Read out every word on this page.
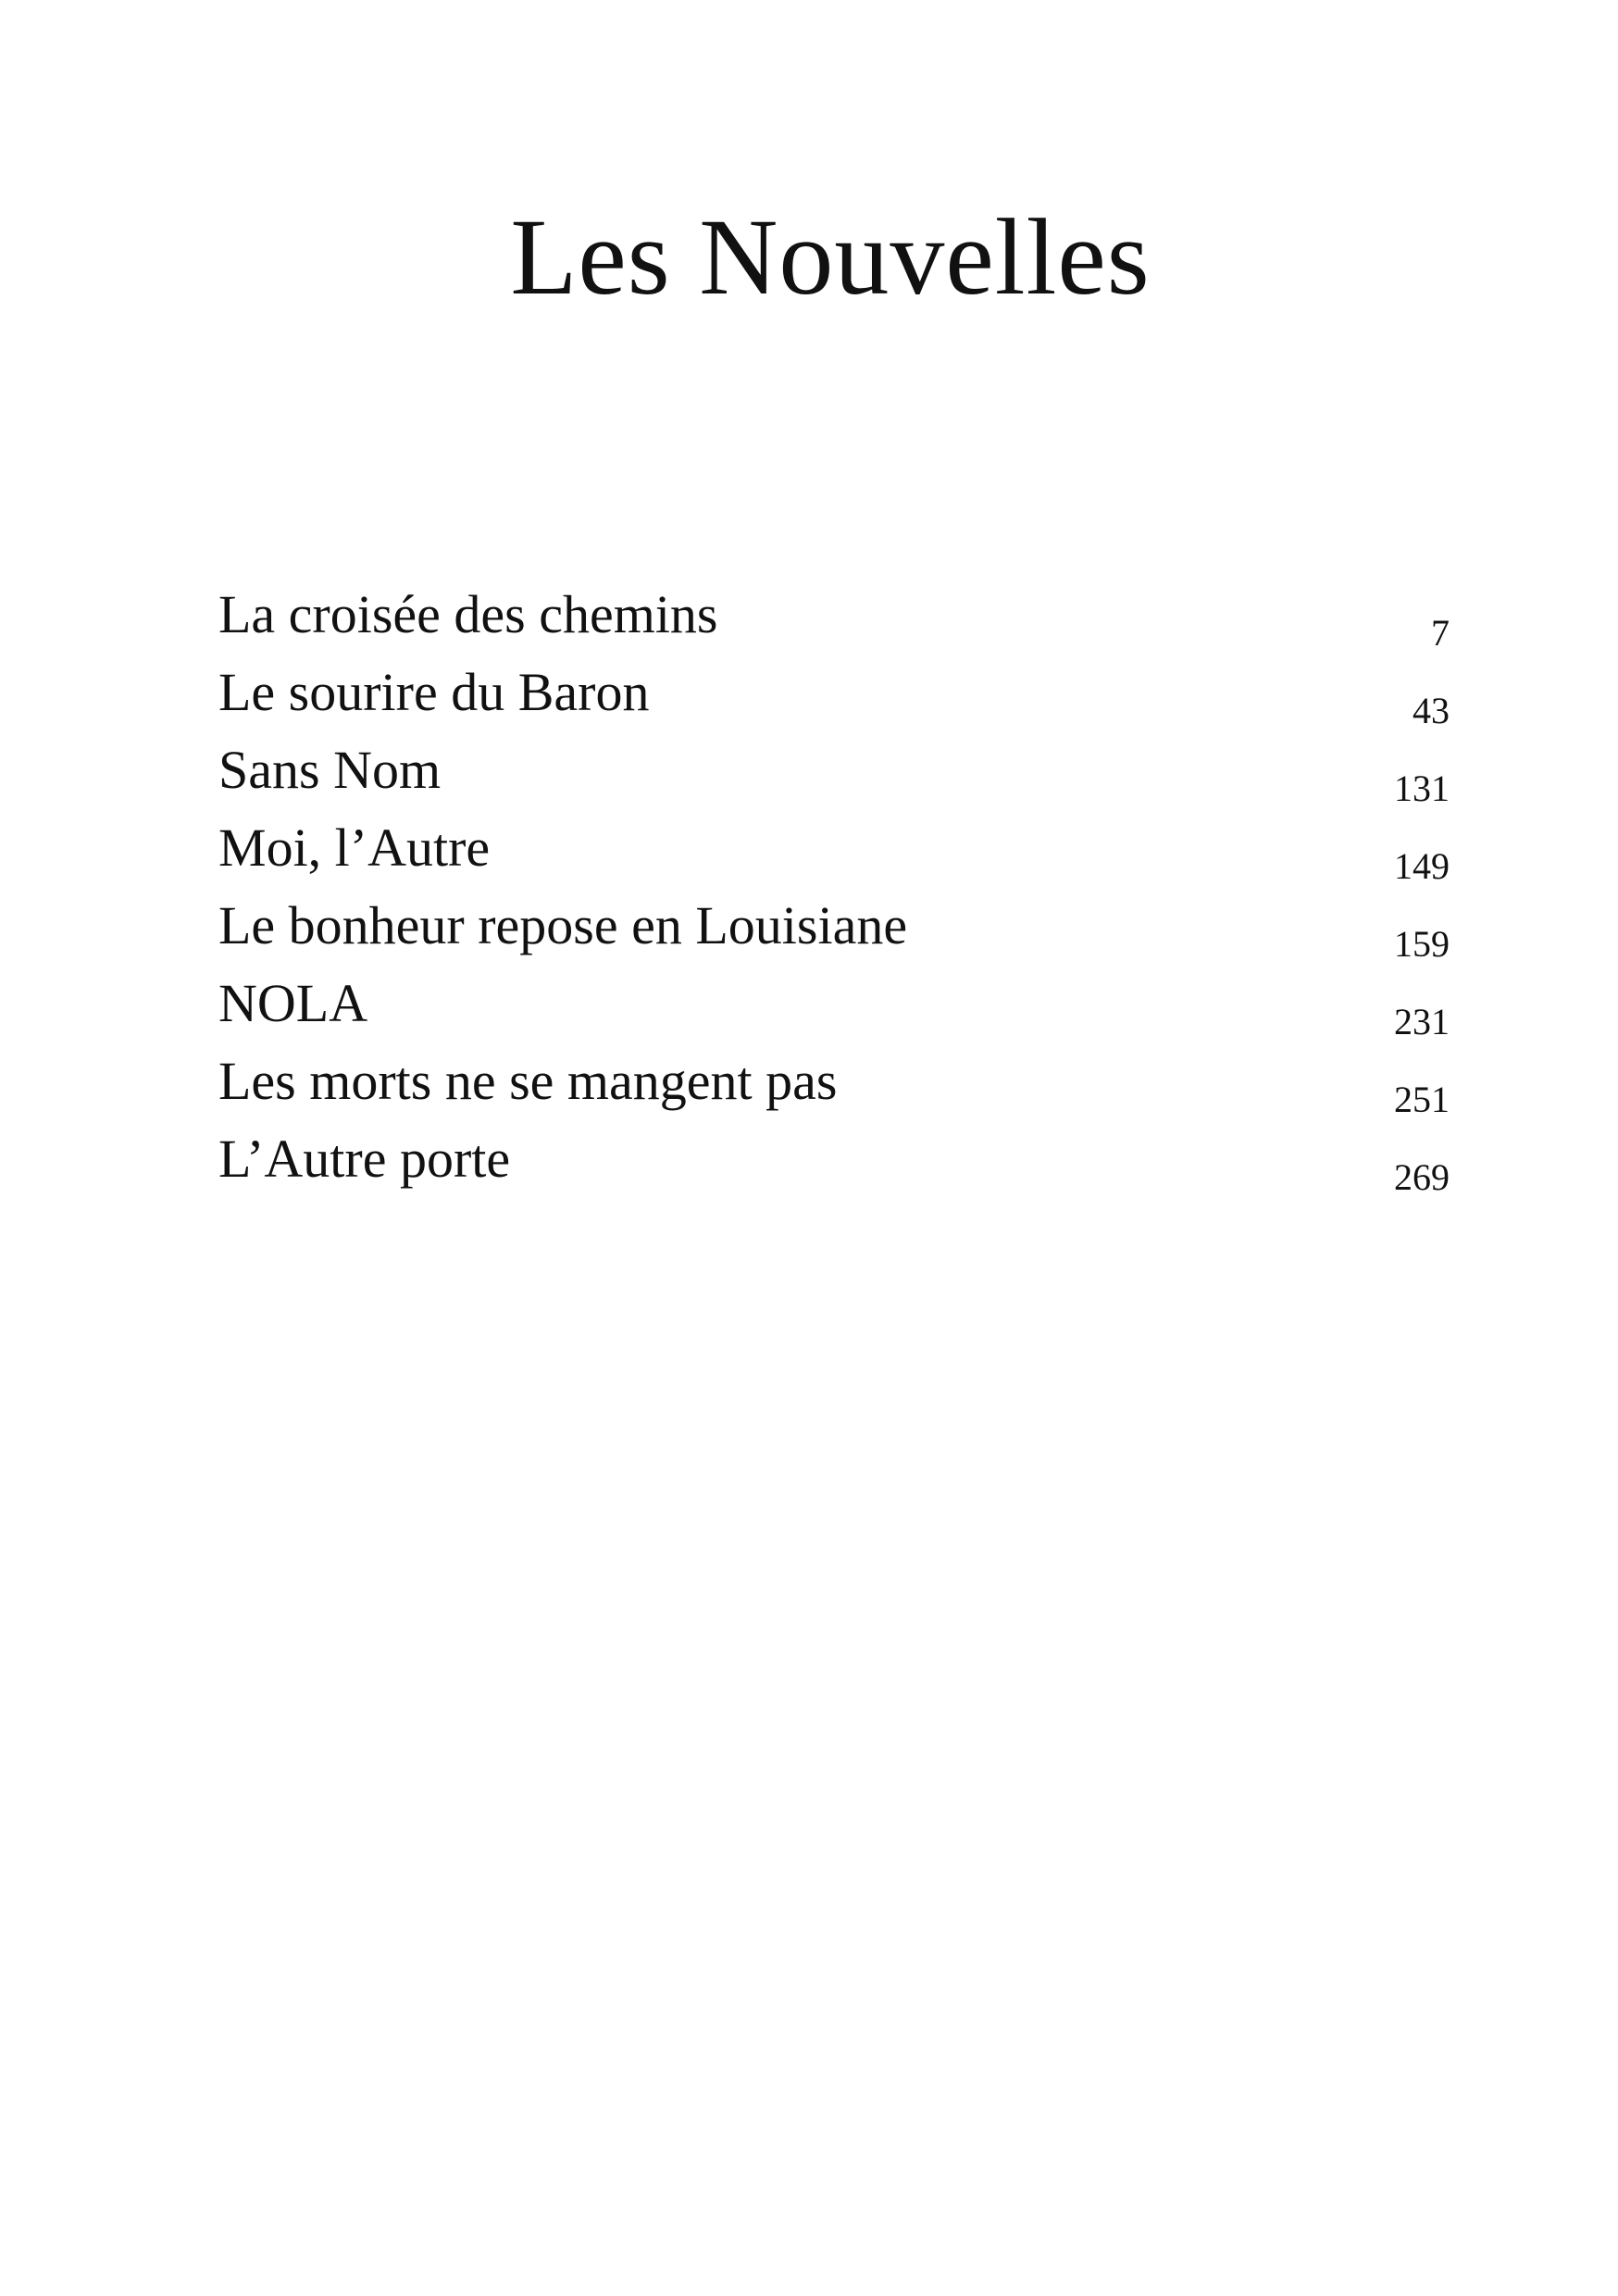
Les Nouvelles
La croisée des chemins	7
Le sourire du Baron	43
Sans Nom	131
Moi, l’Autre	149
Le bonheur repose en Louisiane	159
NOLA	231
Les morts ne se mangent pas	251
L’Autre porte	269
